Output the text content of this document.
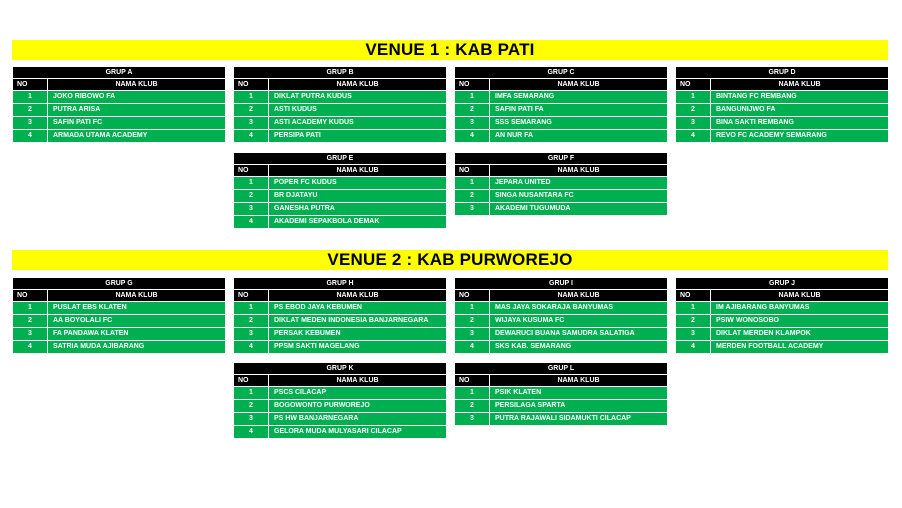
VENUE 1 : KAB PATI
VENUE 2 : KAB PURWOREJO
GRUP A	
NO	NAMA KLUB
1	JOKO RIBOWO FA
2	PUTRA ARISA
3	SAFIN PATI FC
4	ARMADA UTAMA ACADEMY
GRUP B	
NO	NAMA KLUB
1	DIKLAT PUTRA KUDUS
2	ASTI KUDUS
3	ASTI ACADEMY KUDUS
4	PERSIPA PATI
GRUP C	
NO	NAMA KLUB
1	IMFA SEMARANG
2	SAFIN PATI FA
3	SSS SEMARANG
4	AN NUR FA
GRUP D	
NO	NAMA KLUB
1	BINTANG FC REMBANG
2	BANGUNIJWO FA
3	BINA SAKTI REMBANG
4	REVO FC ACADEMY SEMARANG
GRUP E	
NO	NAMA KLUB
1	POPER FC KUDUS
2	BR DJATAYU
3	GANESHA PUTRA
4	AKADEMI SEPAKBOLA DEMAK
GRUP F	
NO	NAMA KLUB
1	JEPARA UNITED
2	SINGA NUSANTARA FC
3	AKADEMI TUGUMUDA
GRUP G	
NO	NAMA KLUB
1	PUSLAT EBS KLATEN
2	AA BOYOLALI FC
3	FA PANDAWA KLATEN
4	SATRIA MUDA AJIBARANG
GRUP H	
NO	NAMA KLUB
1	PS EBOD JAYA KEBUMEN
2	DIKLAT MEDEN INDONESIA BANJARNEGARA
3	PERSAK KEBUMEN
4	PPSM SAKTI MAGELANG
GRUP I	
NO	NAMA KLUB
1	MAS JAYA SOKARAJA BANYUMAS
2	WIJAYA KUSUMA FC
3	DEWARUCI BUANA SAMUDRA SALATIGA
4	SKS KAB. SEMARANG
GRUP J	
NO	NAMA KLUB
1	IM AJIBARANG BANYUMAS
2	PSIW WONOSOBO
3	DIKLAT MERDEN KLAMPOK
4	MERDEN FOOTBALL ACADEMY
GRUP K	
NO	NAMA KLUB
1	PSCS CILACAP
2	BOGOWONTO PURWOREJO
3	PS HW BANJARNEGARA
4	GELORA MUDA MULYASARI CILACAP
GRUP L	
NO	NAMA KLUB
1	PSIK KLATEN
2	PERSILAGA SPARTA
3	PUTRA RAJAWALI SIDAMUKTI CILACAP
